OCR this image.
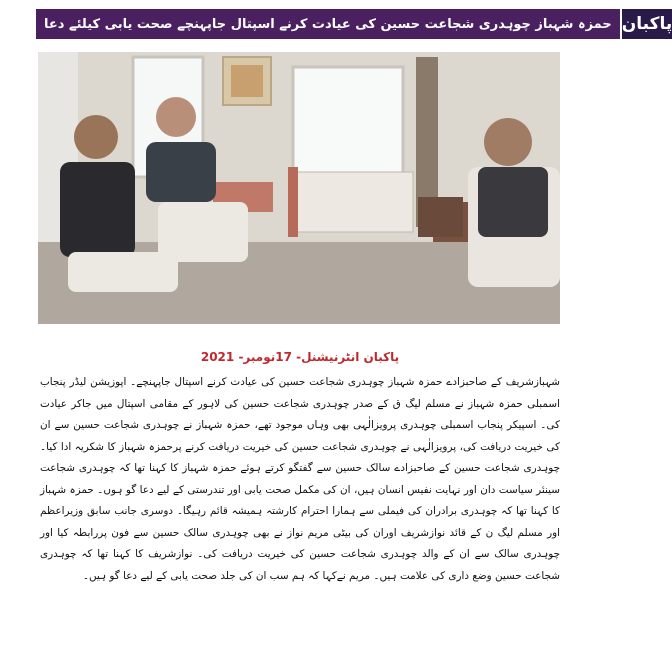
حمزہ شہباز چوہدری شجاعت حسین کی عیادت کرنے اسپتال جاپہنچے صحت یابی کیلئے دعا پاکبان
پاکبان انٹرنیشنل- 17نومبر- 2021
شہبازشریف کے صاحبزادے حمزہ شہباز چوہدری شجاعت حسین کی عیادت کرنے اسپتال جاپہنچے۔ اپوزیشن لیڈر پنجاب اسمبلی حمزہ شہباز نے مسلم لیگ ق کے صدر چوہدری شجاعت حسین کی لاہور کے مقامی اسپتال میں جاکر عیادت کی۔ اسپیکر پنجاب اسمبلی چوہدری پرویزالٰہی بھی وہاں موجود تھے، حمزہ شہباز نے چوہدری شجاعت حسین سے ان کی خیریت دریافت کی، پرویزالٰہی نے چوہدری شجاعت حسین کی خیریت دریافت کرنے پرحمزہ شہباز کا شکریہ ادا کیا۔ چوہدری شجاعت حسین کے صاحبزادے سالک حسین سے گفتگو کرتے ہوئے حمزہ شہباز کا کہنا تھا کہ چوہدری شجاعت سینئر سیاست دان اور نہایت نفیس انسان ہیں، ان کی مکمل صحت یابی اور تندرستی کے لیے دعا گو ہوں۔ حمزہ شہباز کا کہنا تھا کہ چوہدری برادران کی فیملی سے ہمارا احترام کارشتہ ہمیشہ قائم رہیگا۔ دوسری جانب سابق وزیراعظم اور مسلم لیگ ن کے قائد نوازشریف اوران کی بیٹی مریم نواز نے بھی چوہدری سالک حسین سے فون پررابطہ کیا اور چوہدری سالک سے ان کے والد چوہدری شجاعت حسین کی خیریت دریافت کی۔ نوازشریف کا کہنا تھا کہ چوہدری شجاعت حسین وضع داری کی علامت ہیں۔ مریم نےکہا کہ ہم سب ان کی جلد صحت یابی کے لیے دعا گو ہیں۔
